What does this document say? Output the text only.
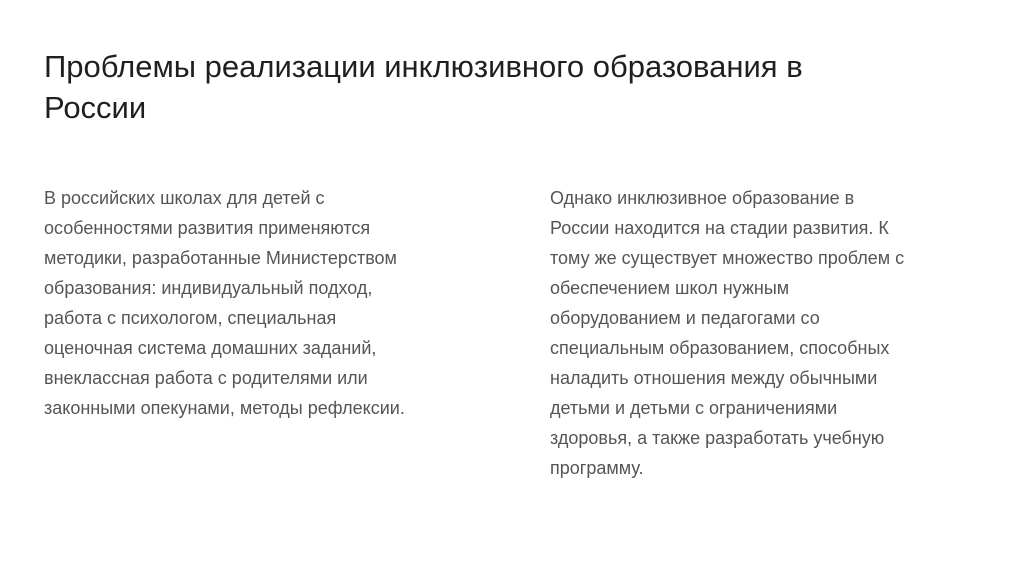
Проблемы реализации инклюзивного образования в
России

В российских школах для детей с
особенностями развития применяются
методики, разработанные Министерством
образования: индивидуальный подход,
работа с психологом, специальная
оценочная система домашних заданий,
внеклассная работа с родителями или
законными опекунами, методы рефлексии.

Однако инклюзивное образование в
России находится на стадии развития. К
тому же существует множество проблем с
обеспечением школ нужным
оборудованием и педагогами со
специальным образованием, способных
наладить отношения между обычными
детьми и детьми с ограничениями
здоровья, а также разработать учебную
программу.
